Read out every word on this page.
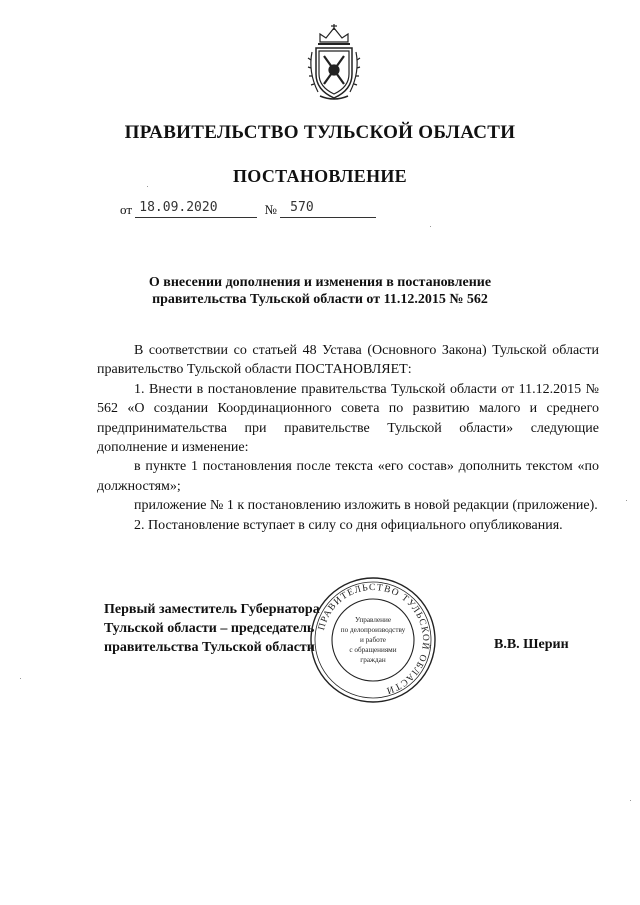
ПРАВИТЕЛЬСТВО ТУЛЬСКОЙ ОБЛАСТИ
ПОСТАНОВЛЕНИЕ
от 18.09.2020	№ 570
О внесении дополнения и изменения в постановление
правительства Тульской области от 11.12.2015 № 562

В соответствии со статьей 48 Устава (Основного Закона) Тульской области правительство Тульской области ПОСТАНОВЛЯЕТ:

1. Внести в постановление правительства Тульской области от 11.12.2015 № 562 «О создании Координационного совета по развитию малого и среднего предпринимательства при правительстве Тульской области» следующие дополнение и изменение:

в пункте 1 постановления после текста «его состав» дополнить текстом «по должностям»;

приложение № 1 к постановлению изложить в новой редакции (приложение).

2. Постановление вступает в силу со дня официального опубликования.

Первый заместитель Губернатора
Тульской области – председатель
правительства Тульской области	В.В. Шерин
ПРАВИТЕЛЬСТВО ТУЛЬСКОЙ ОБЛАСТИ
Управление
по делопроизводству
и работе
с обращениями
граждан
